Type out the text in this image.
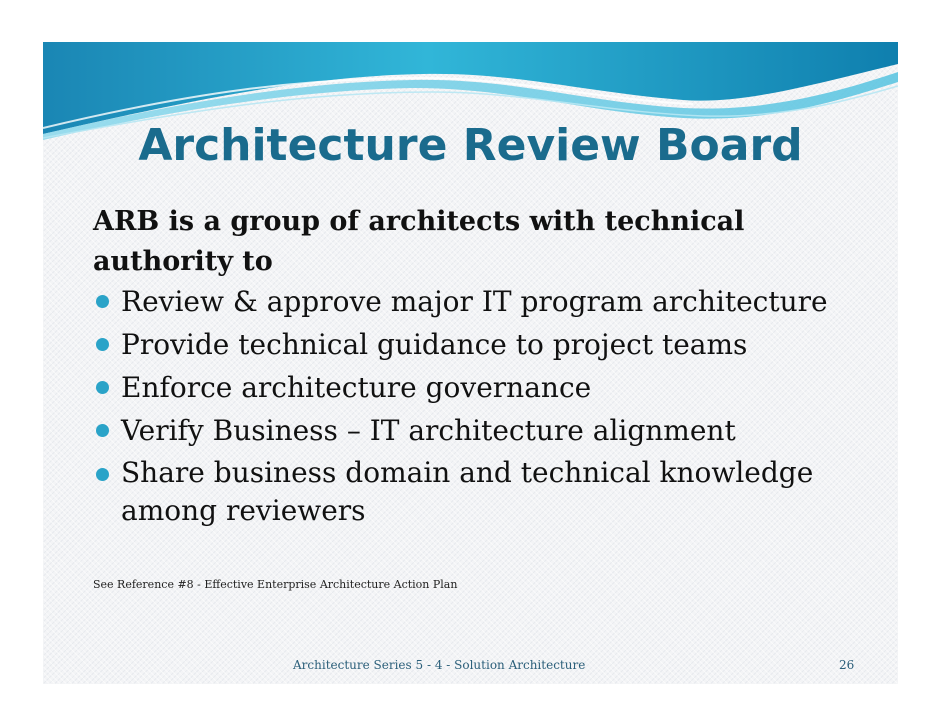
Architecture Review Board

ARB is a group of architects with technical authority to

Review & approve major IT program architecture
Provide technical guidance to project teams
Enforce architecture governance
Verify Business – IT architecture alignment
Share business domain and technical knowledge among reviewers
See Reference #8 - Effective Enterprise Architecture Action Plan
Architecture Series 5 - 4 - Solution Architecture	26
